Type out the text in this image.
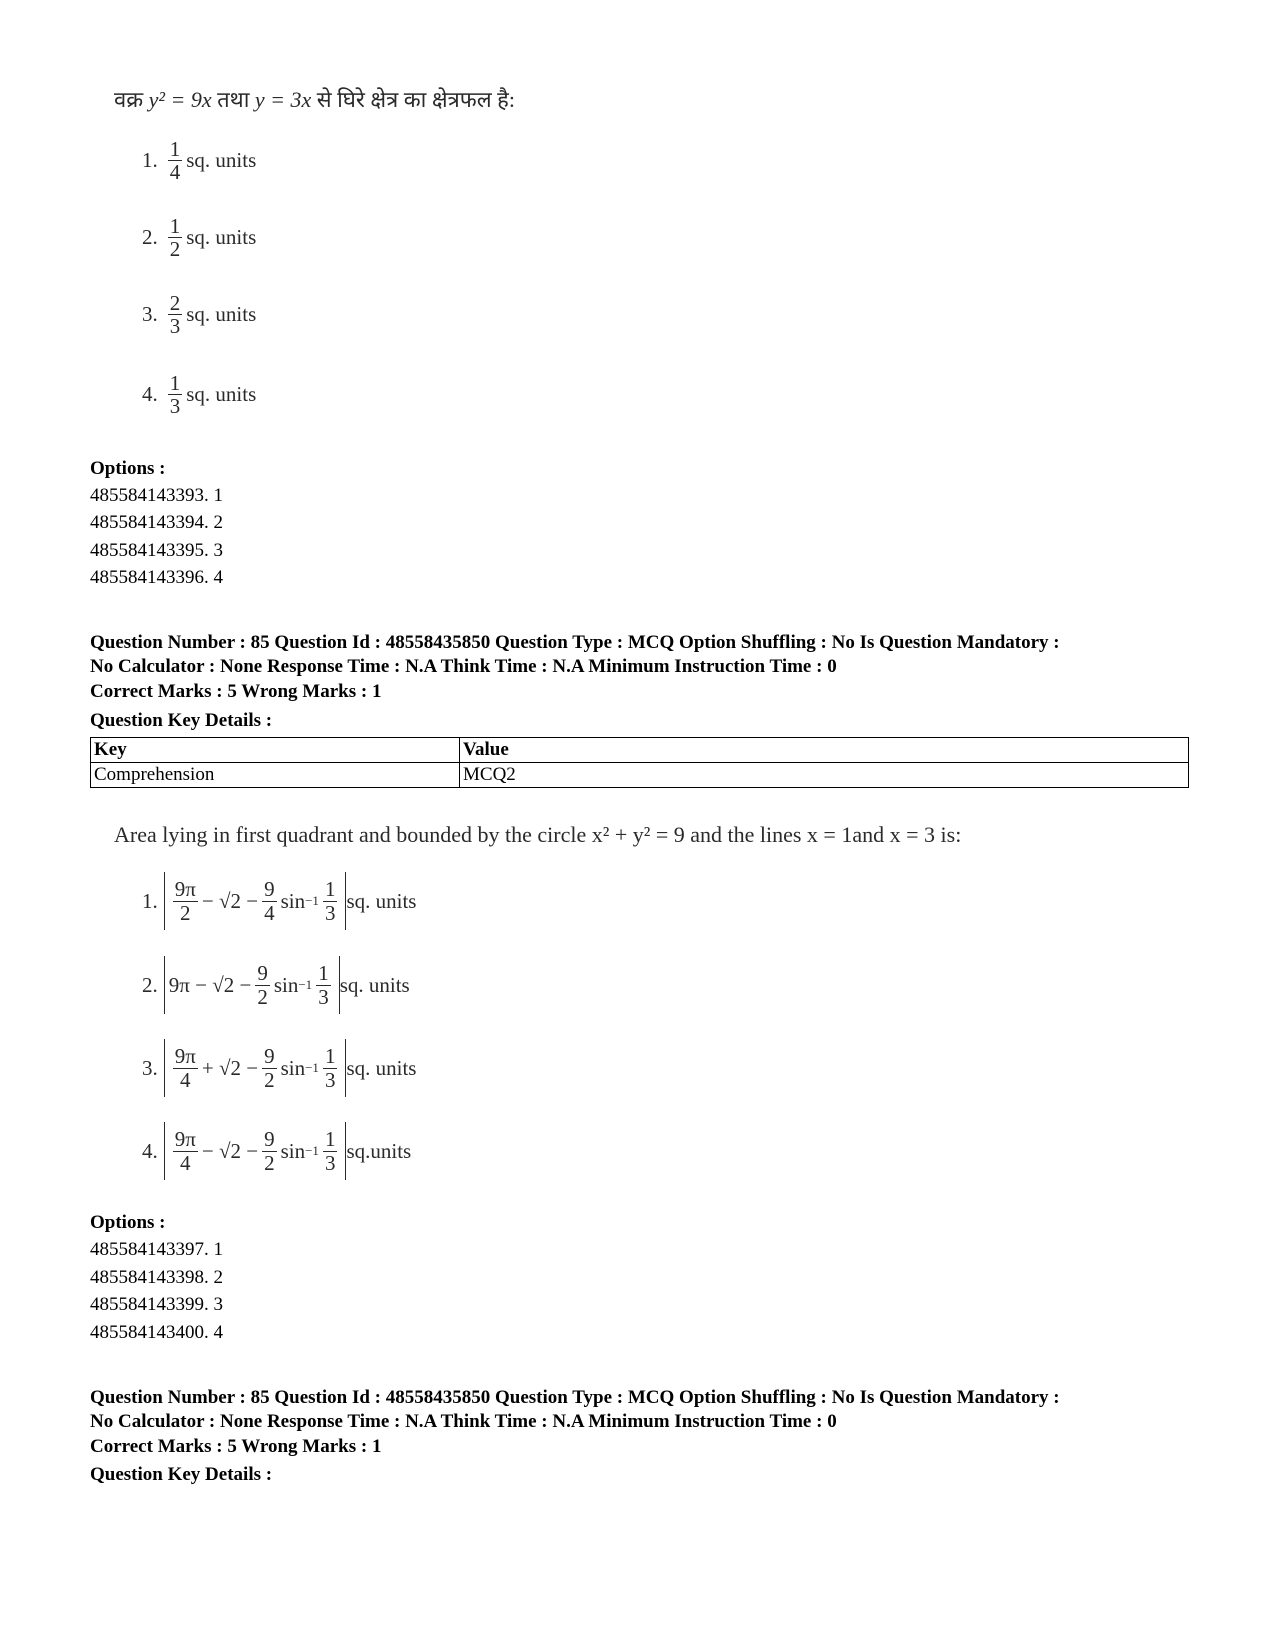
वक्र y² = 9x तथा y = 3x से घिरे क्षेत्र का क्षेत्रफल है:
1. $\frac{1}{4}$ sq. units
2. $\frac{1}{2}$ sq. units
3. $\frac{2}{3}$ sq. units
4. $\frac{1}{3}$ sq. units
Options :
485584143393. 1
485584143394. 2
485584143395. 3
485584143396. 4
Question Number : 85 Question Id : 48558435850 Question Type : MCQ Option Shuffling : No Is Question Mandatory :
No Calculator : None Response Time : N.A Think Time : N.A Minimum Instruction Time : 0
Correct Marks : 5 Wrong Marks : 1
Question Key Details :
Key	Value
Comprehension	MCQ2
Area lying in first quadrant and bounded by the circle x² + y² = 9 and the lines x = 1and x = 3 is:
1. $\frac{9\pi}{2}$ −
$√2 - \frac{9}{4}$ $\sin -1 \frac{1}{3}$ sq. units
2. 9π
−
$√2 - \frac{9}{2}$ $\sin -1 \frac{1}{3}$ sq. units
3. $\frac{9\pi}{4}$ +
$√2 - \frac{9}{2}$ $\sin -1 \frac{1}{3}$ sq. units
4. $\frac{9\pi}{4}$ −
$√2 - \frac{9}{2}$ $\sin -1 \frac{1}{3}$ sq.units
Options :
485584143397. 1
485584143398. 2
485584143399. 3
485584143400. 4
Question Number : 85 Question Id : 48558435850 Question Type : MCQ Option Shuffling : No Is Question Mandatory :
No Calculator : None Response Time : N.A Think Time : N.A Minimum Instruction Time : 0
Correct Marks : 5 Wrong Marks : 1
Question Key Details :
